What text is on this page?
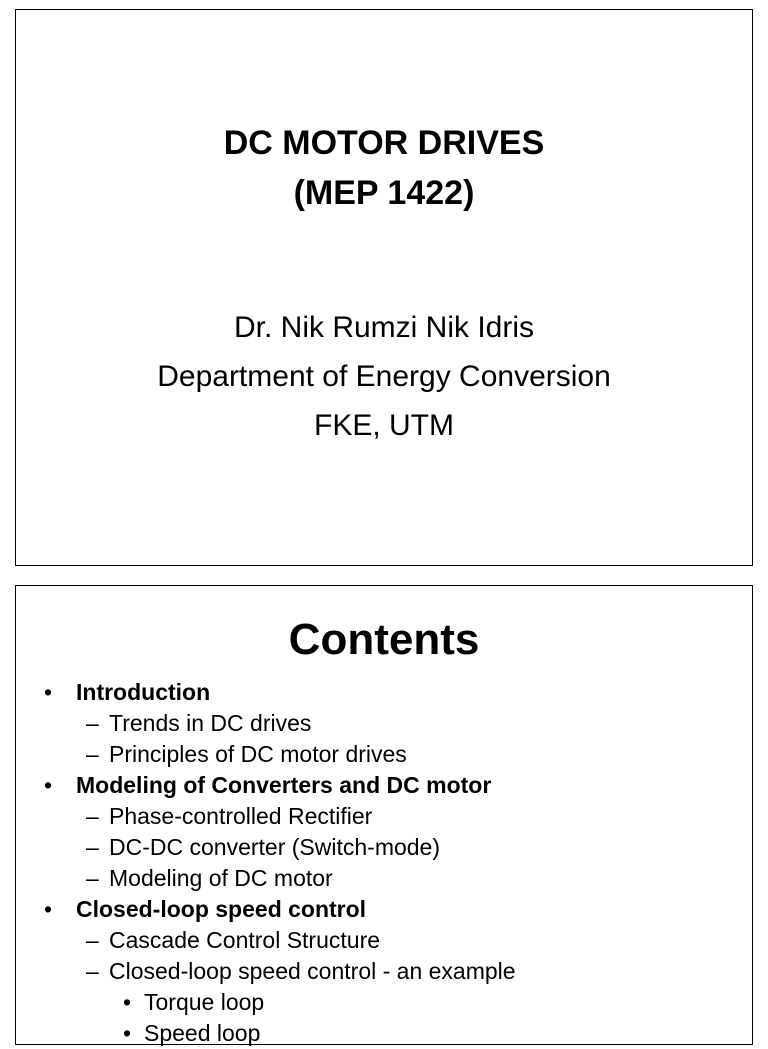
DC MOTOR DRIVES
(MEP 1422)
Dr. Nik Rumzi Nik Idris
Department of Energy Conversion
FKE, UTM
Contents
• Introduction
– Trends in DC drives
– Principles of DC motor drives
• Modeling of Converters and DC motor
– Phase-controlled Rectifier
– DC-DC converter (Switch-mode)
– Modeling of DC motor
• Closed-loop speed control
– Cascade Control Structure
– Closed-loop speed control - an example
• Torque loop
• Speed loop
